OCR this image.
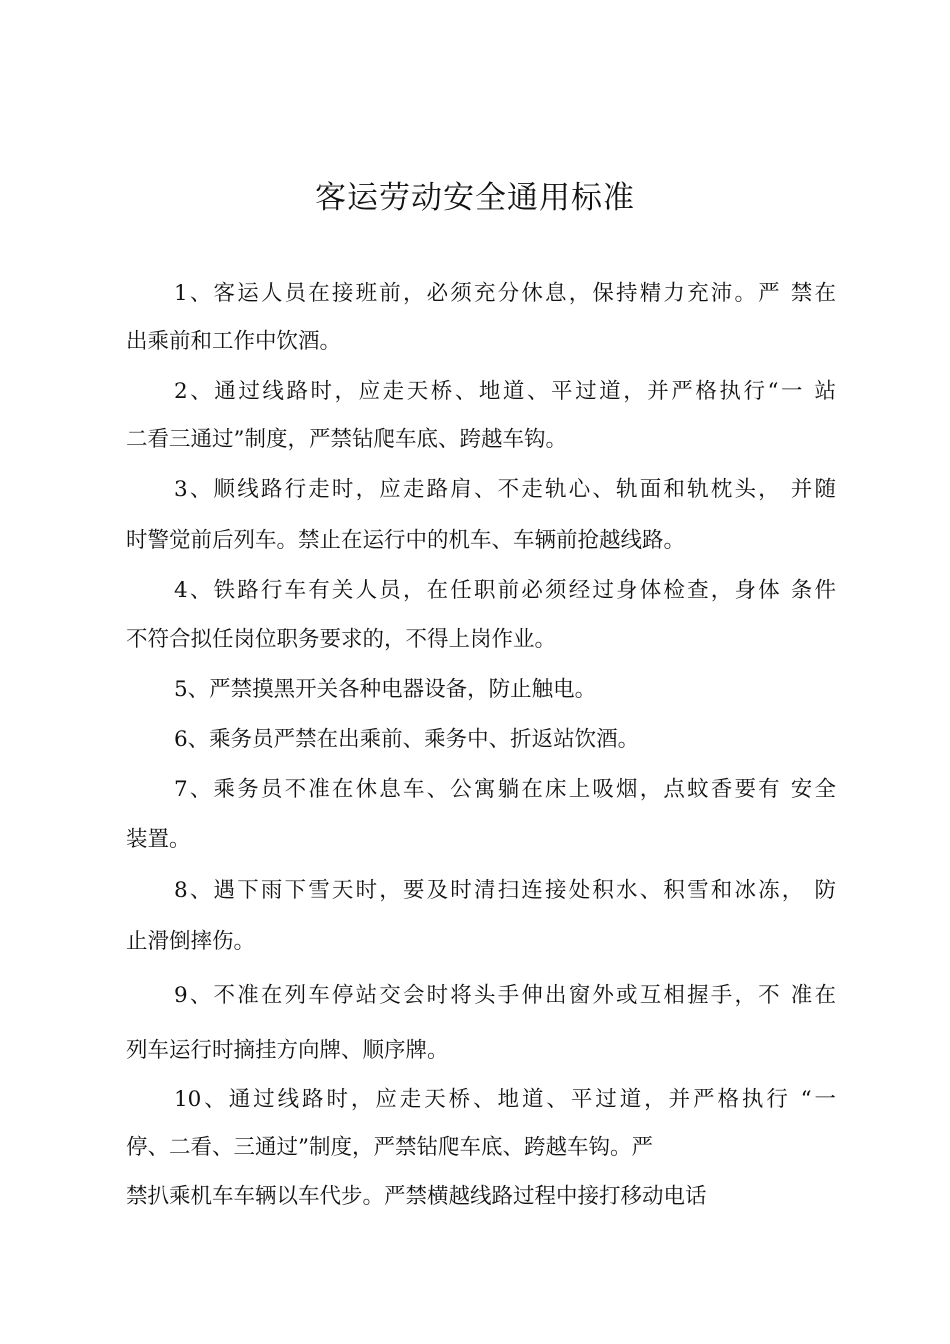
客运劳动安全通用标准
1、客运人员在接班前，必须充分休息，保持精力充沛。严 禁在
出乘前和工作中饮酒。
2、通过线路时，应走天桥、地道、平过道，并严格执行“一 站
二看三通过”制度，严禁钻爬车底、跨越车钩。
3、顺线路行走时，应走路肩、不走轨心、轨面和轨枕头， 并随
时警觉前后列车。禁止在运行中的机车、车辆前抢越线路。
4、铁路行车有关人员，在任职前必须经过身体检查，身体 条件
不符合拟任岗位职务要求的，不得上岗作业。
5、严禁摸黑开关各种电器设备，防止触电。
6、乘务员严禁在出乘前、乘务中、折返站饮酒。
7、乘务员不准在休息车、公寓躺在床上吸烟，点蚊香要有 安全
装置。
8、遇下雨下雪天时，要及时清扫连接处积水、积雪和冰冻， 防
止滑倒摔伤。
9、不准在列车停站交会时将头手伸出窗外或互相握手，不 准在
列车运行时摘挂方向牌、顺序牌。
10、通过线路时，应走天桥、地道、平过道，并严格执行 “一
停、二看、三通过”制度，严禁钻爬车底、跨越车钩。严
禁扒乘机车车辆以车代步。严禁横越线路过程中接打移动电话
